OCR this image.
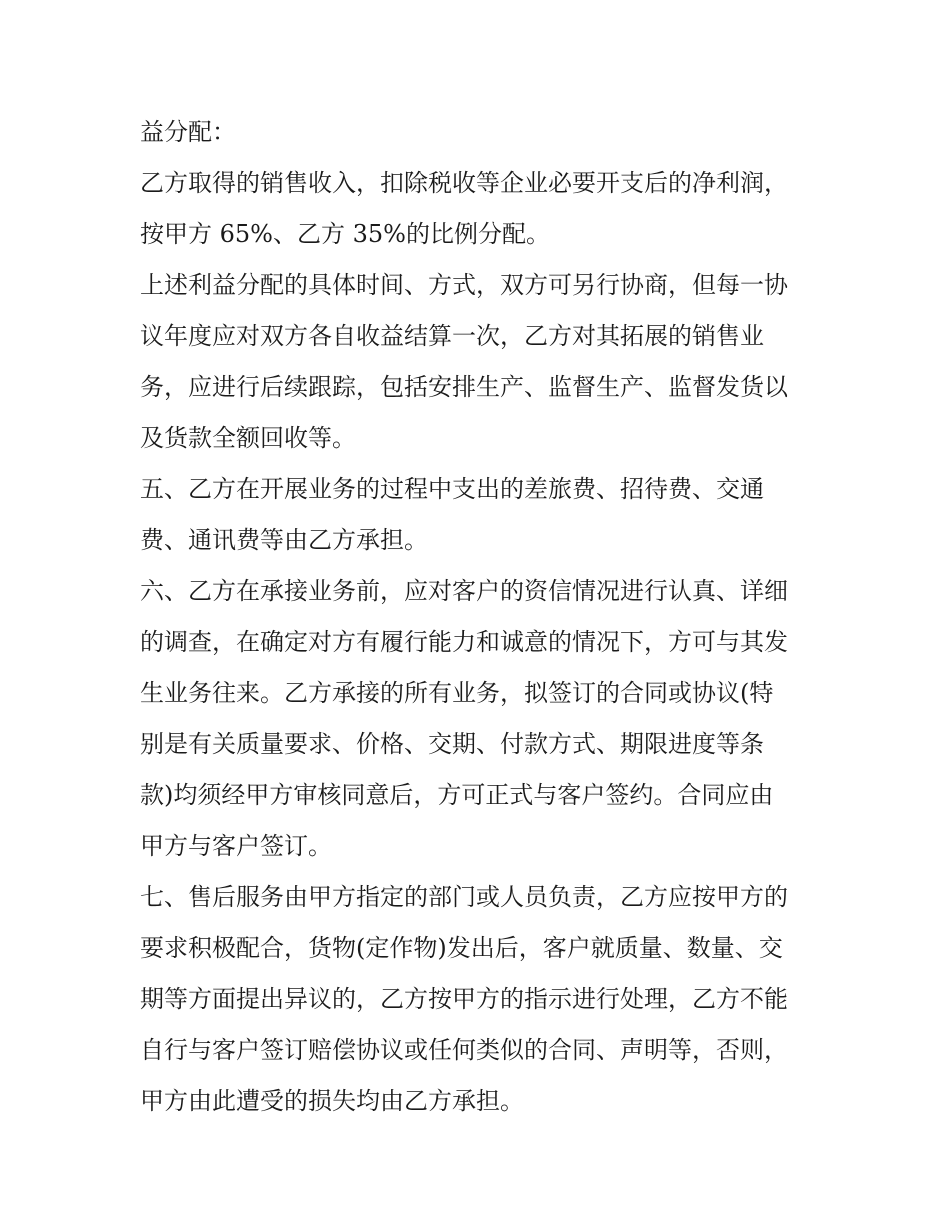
益分配：
乙方取得的销售收入，扣除税收等企业必要开支后的净利润，
按甲方 65%、乙方 35%的比例分配。
上述利益分配的具体时间、方式，双方可另行协商，但每一协
议年度应对双方各自收益结算一次，乙方对其拓展的销售业
务，应进行后续跟踪，包括安排生产、监督生产、监督发货以
及货款全额回收等。
五、乙方在开展业务的过程中支出的差旅费、招待费、交通
费、通讯费等由乙方承担。
六、乙方在承接业务前，应对客户的资信情况进行认真、详细
的调查，在确定对方有履行能力和诚意的情况下，方可与其发
生业务往来。乙方承接的所有业务，拟签订的合同或协议(特
别是有关质量要求、价格、交期、付款方式、期限进度等条
款)均须经甲方审核同意后，方可正式与客户签约。合同应由
甲方与客户签订。
七、售后服务由甲方指定的部门或人员负责，乙方应按甲方的
要求积极配合，货物(定作物)发出后，客户就质量、数量、交
期等方面提出异议的，乙方按甲方的指示进行处理，乙方不能
自行与客户签订赔偿协议或任何类似的合同、声明等，否则，
甲方由此遭受的损失均由乙方承担。
